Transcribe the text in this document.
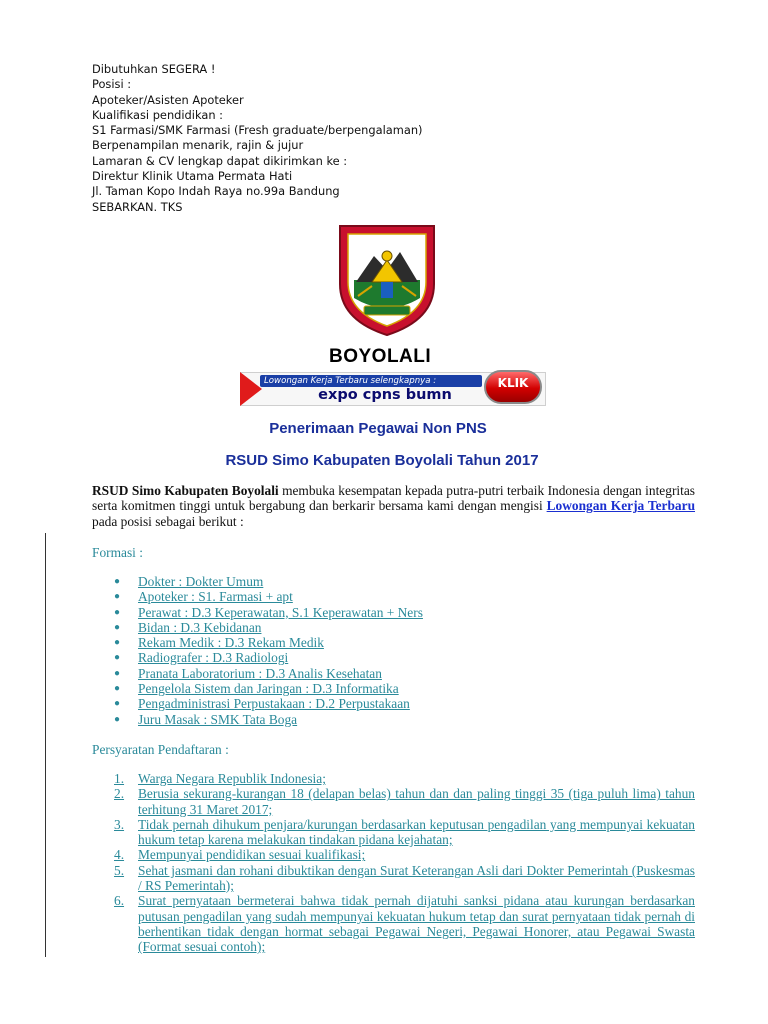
Dibutuhkan SEGERA !
Posisi :
Apoteker/Asisten Apoteker
Kualifikasi pendidikan :
S1 Farmasi/SMK Farmasi (Fresh graduate/berpengalaman)
Berpenampilan menarik, rajin & jujur
Lamaran & CV lengkap dapat dikirimkan ke :
Direktur Klinik Utama Permata Hati
Jl. Taman Kopo Indah Raya no.99a Bandung
SEBARKAN. TKS
BOYOLALI
Lowongan Kerja Terbaru selengkapnya :
expo cpns bumn
KLIK
Penerimaan Pegawai Non PNS
RSUD Simo Kabupaten Boyolali Tahun 2017
RSUD Simo Kabupaten Boyolali membuka kesempatan kepada putra-putri terbaik Indonesia dengan integritas serta komitmen tinggi untuk bergabung dan berkarir bersama kami dengan mengisi Lowongan Kerja Terbaru pada posisi sebagai berikut :
Formasi :
● Dokter : Dokter Umum
● Apoteker : S1. Farmasi + apt
● Perawat : D.3 Keperawatan, S.1 Keperawatan + Ners
● Bidan : D.3 Kebidanan
● Rekam Medik : D.3 Rekam Medik
● Radiografer : D.3 Radiologi
● Pranata Laboratorium : D.3 Analis Kesehatan
● Pengelola Sistem dan Jaringan : D.3 Informatika
● Pengadministrasi Perpustakaan : D.2 Perpustakaan
● Juru Masak : SMK Tata Boga
Persyaratan Pendaftaran :
1. Warga Negara Republik Indonesia;
2. Berusia sekurang-kurangan 18 (delapan belas) tahun dan dan paling tinggi 35 (tiga puluh lima) tahun terhitung 31 Maret 2017;
3. Tidak pernah dihukum penjara/kurungan berdasarkan keputusan pengadilan yang mempunyai kekuatan hukum tetap karena melakukan tindakan pidana kejahatan;
4. Mempunyai pendidikan sesuai kualifikasi;
5. Sehat jasmani dan rohani dibuktikan dengan Surat Keterangan Asli dari Dokter Pemerintah (Puskesmas / RS Pemerintah);
6. Surat pernyataan bermeterai bahwa tidak pernah dijatuhi sanksi pidana atau kurungan berdasarkan putusan pengadilan yang sudah mempunyai kekuatan hukum tetap dan surat pernyataan tidak pernah di berhentikan tidak dengan hormat sebagai Pegawai Negeri, Pegawai Honorer, atau Pegawai Swasta (Format sesuai contoh);
